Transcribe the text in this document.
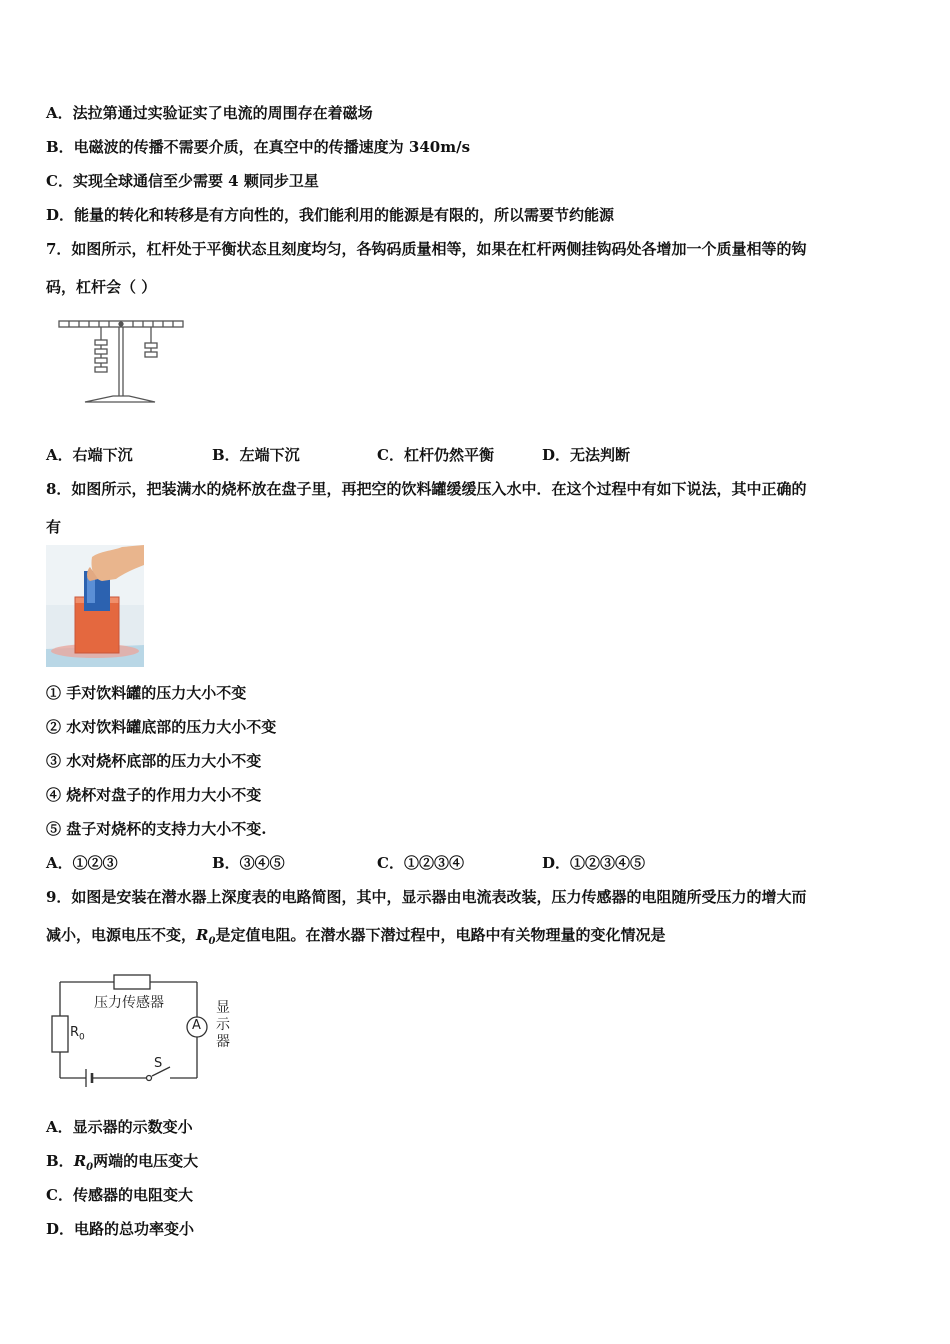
A．法拉第通过实验证实了电流的周围存在着磁场
B．电磁波的传播不需要介质，在真空中的传播速度为 340m/s
C．实现全球通信至少需要 4 颗同步卫星
D．能量的转化和转移是有方向性的，我们能利用的能源是有限的，所以需要节约能源
7．如图所示，杠杆处于平衡状态且刻度均匀，各钩码质量相等，如果在杠杆两侧挂钩码处各增加一个质量相等的钩
码，杠杆会（ ）
A．右端下沉	B．左端下沉	C．杠杆仍然平衡	D．无法判断
8．如图所示，把装满水的烧杯放在盘子里，再把空的饮料罐缓缓压入水中．在这个过程中有如下说法，其中正确的
有
① 手对饮料罐的压力大小不变
② 水对饮料罐底部的压力大小不变
③ 水对烧杯底部的压力大小不变
④ 烧杯对盘子的作用力大小不变
⑤ 盘子对烧杯的支持力大小不变.
A．①②③	B．③④⑤	C．①②③④	D．①②③④⑤
9．如图是安装在潜水器上深度表的电路简图，其中，显示器由电流表改装，压力传感器的电阻随所受压力的增大而
减小，电源电压不变，$R_0$是定值电阻。在潜水器下潜过程中，电路中有关物理量的变化情况是
压力传感器
$R_0$
A
S
显
示
器
A．显示器的示数变小
B．$R_0$两端的电压变大
C．传感器的电阻变大
D．电路的总功率变小
